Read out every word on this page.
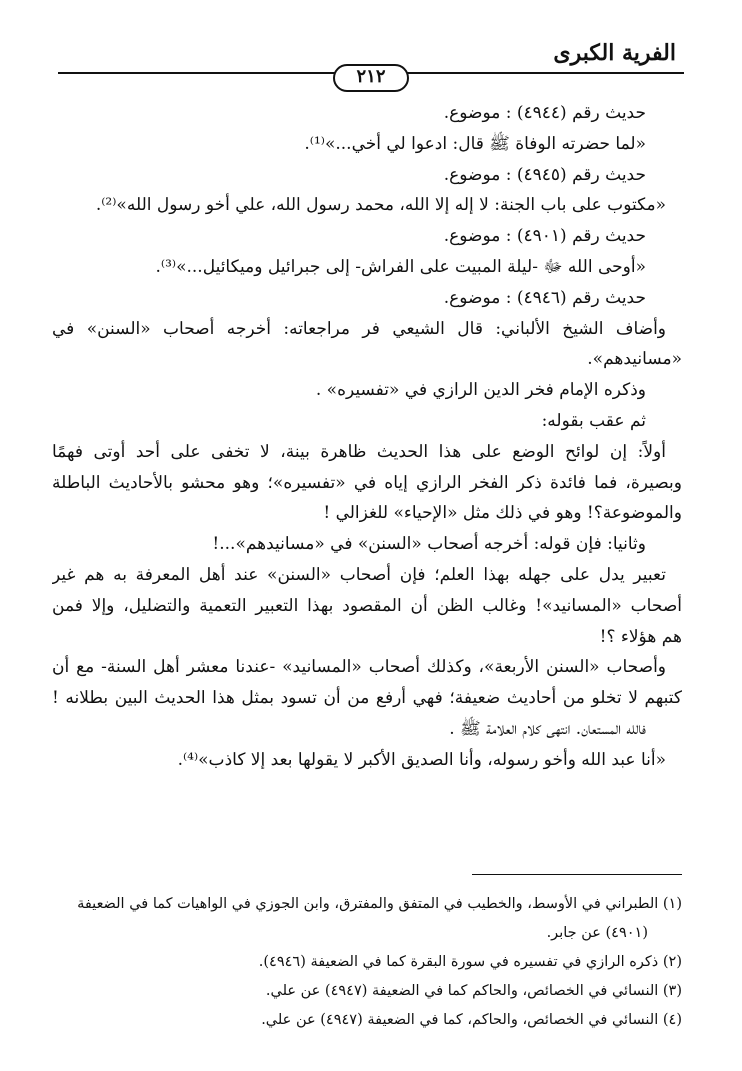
الفرية الكبرى
٢١٢
حديث رقم (٤٩٤٤) : موضوع.
«لما حضرته الوفاة ﷺ قال: ادعوا لي أخي...»⁽¹⁾.
حديث رقم (٤٩٤٥) : موضوع.
«مكتوب على باب الجنة: لا إله إلا الله، محمد رسول الله، علي أخو رسول الله»⁽²⁾.
حديث رقم (٤٩٠١) : موضوع.
«أوحى الله ﷻ -ليلة المبيت على الفراش- إلى جبرائيل وميكائيل...»⁽³⁾.
حديث رقم (٤٩٤٦) : موضوع.
وأضاف الشيخ الألباني: قال الشيعي فر مراجعاته: أخرجه أصحاب «السنن» في
«مسانيدهم».
وذكره الإمام فخر الدين الرازي في «تفسيره» .
ثم عقب بقوله:
أولاً: إن لوائح الوضع على هذا الحديث ظاهرة بينة، لا تخفى على أحد أوتى فهمًا
وبصيرة، فما فائدة ذكر الفخر الرازي إياه في «تفسيره»؛ وهو محشو بالأحاديث الباطلة
والموضوعة؟! وهو في ذلك مثل «الإحياء» للغزالي !
وثانيا: فإن قوله: أخرجه أصحاب «السنن» في «مسانيدهم»...!
تعبير يدل على جهله بهذا العلم؛ فإن أصحاب «السنن» عند أهل المعرفة به هم غير
أصحاب «المسانيد»! وغالب الظن أن المقصود بهذا التعبير التعمية والتضليل، وإلا فمن
هم هؤلاء ؟!
وأصحاب «السنن الأربعة»، وكذلك أصحاب «المسانيد» -عندنا معشر أهل السنة- مع أن
كتبهم لا تخلو من أحاديث ضعيفة؛ فهي أرفع من أن تسود بمثل هذا الحديث البين بطلانه !
فالله المستعان. انتهى كلام العلامة ﷺ .
«أنا عبد الله وأخو رسوله، وأنا الصديق الأكبر لا يقولها بعد إلا كاذب»⁽⁴⁾.
(١) الطبراني في الأوسط، والخطيب في المتفق والمفترق، وابن الجوزي في الواهيات كما في الضعيفة
(٤٩٠١) عن جابر.
(٢) ذكره الرازي في تفسيره في سورة البقرة كما في الضعيفة (٤٩٤٦).
(٣) النسائي في الخصائص، والحاكم كما في الضعيفة (٤٩٤٧) عن علي.
(٤) النسائي في الخصائص، والحاكم، كما في الضعيفة (٤٩٤٧) عن علي.
